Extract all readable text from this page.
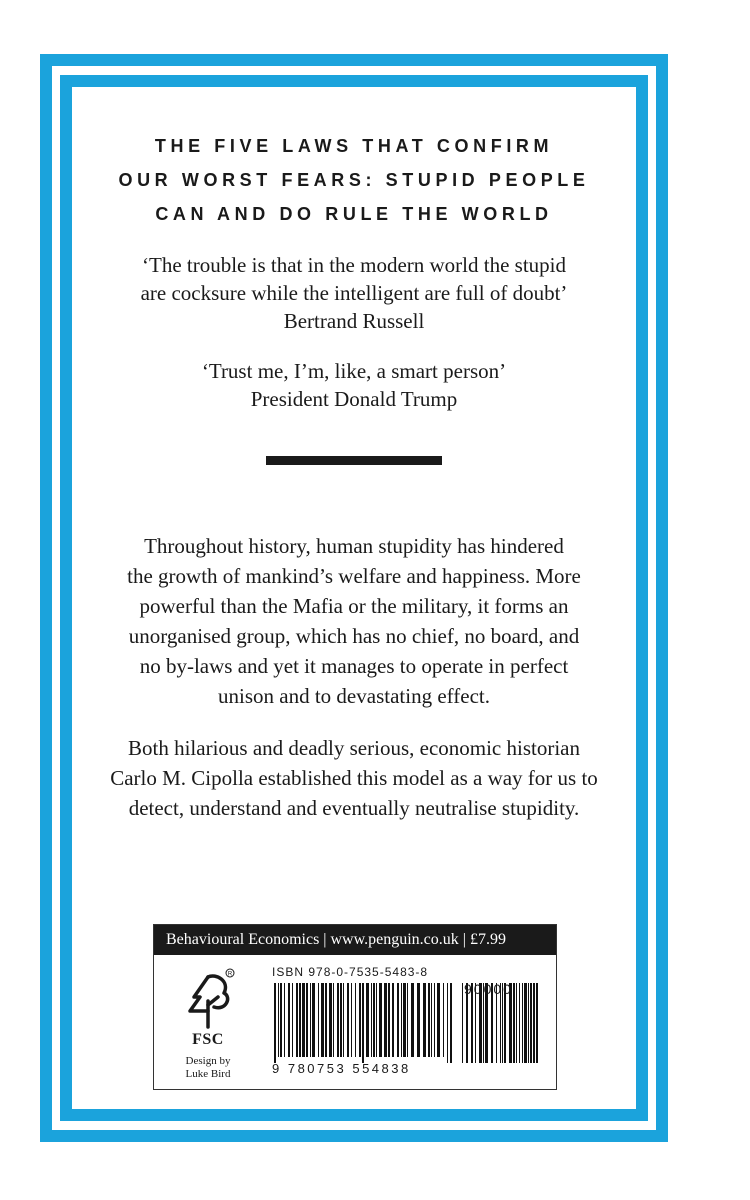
THE FIVE LAWS THAT CONFIRM
OUR WORST FEARS: STUPID PEOPLE
CAN AND DO RULE THE WORLD
‘The trouble is that in the modern world the stupid
are cocksure while the intelligent are full of doubt’
Bertrand Russell
‘Trust me, I’m, like, a smart person’
President Donald Trump
Throughout history, human stupidity has hindered
the growth of mankind’s welfare and happiness. More
powerful than the Mafia or the military, it forms an
unorganised group, which has no chief, no board, and
no by-laws and yet it manages to operate in perfect
unison and to devastating effect.
Both hilarious and deadly serious, economic historian
Carlo M. Cipolla established this model as a way for us to
detect, understand and eventually neutralise stupidity.
Behavioural Economics | www.penguin.co.uk | £7.99
R
FSC
Design by
Luke Bird
ISBN 978-0-7535-5483-8
9 780753 554838
90000
